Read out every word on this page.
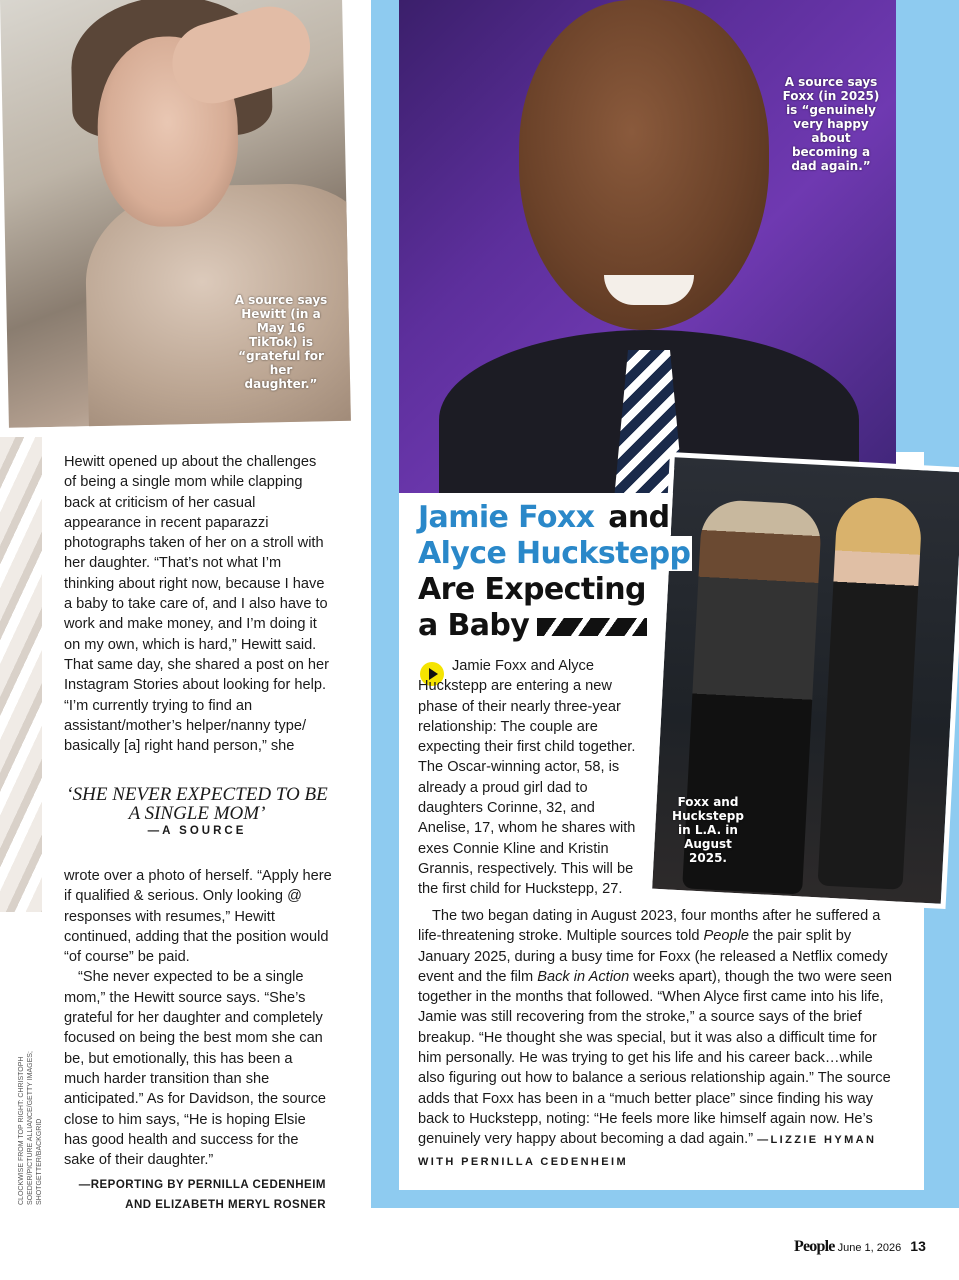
A source says Hewitt (in a May 16 TikTok) is “grateful for her daughter.”

Hewitt opened up about the challenges of being a single mom while clapping back at criticism of her casual appearance in recent paparazzi photographs taken of her on a stroll with her daughter. “That’s not what I’m thinking about right now, because I have a baby to take care of, and I also have to work and make money, and I’m doing it on my own, which is hard,” Hewitt said. That same day, she shared a post on her Instagram Stories about looking for help. “I’m currently trying to find an assistant/mother’s helper/nanny type/ basically [a] right hand person,” she

‘SHE NEVER EXPECTED TO BE A SINGLE MOM’
—A SOURCE

wrote over a photo of herself. “Apply here if qualified & serious. Only looking @ responses with resumes,” Hewitt continued, adding that the position would “of course” be paid.

“She never expected to be a single mom,” the Hewitt source says. “She’s grateful for her daughter and completely focused on being the best mom she can be, but emotionally, this has been a much harder transition than she anticipated.” As for Davidson, the source close to him says, “He is hoping Elsie has good health and success for the sake of their daughter.”

—REPORTING BY PERNILLA CEDENHEIM
AND ELIZABETH MERYL ROSNER
CLOCKWISE FROM TOP RIGHT: CHRISTOPH SOEDER/PICTURE ALLIANCE/GETTY IMAGES; SHOTGETTER/BACKGRID
A source says Foxx (in 2025) is “genuinely very happy about becoming a dad again.”
Foxx and Huckstepp in L.A. in August 2025.
Jamie Foxx and
Alyce Huckstepp
Are Expecting
a Baby

Jamie Foxx and Alyce Huckstepp are entering a new phase of their nearly three-year relationship: The couple are expecting their first child together. The Oscar-winning actor, 58, is already a proud girl dad to daughters Corinne, 32, and Anelise, 17, whom he shares with exes Connie Kline and Kristin Grannis, respectively. This will be the first child for Huckstepp, 27.

The two began dating in August 2023, four months after he suffered a life-threatening stroke. Multiple sources told People the pair split by January 2025, during a busy time for Foxx (he released a Netflix comedy event and the film Back in Action weeks apart), though the two were seen together in the months that followed. “When Alyce first came into his life, Jamie was still recovering from the stroke,” a source says of the brief breakup. “He thought she was special, but it was also a difficult time for him personally. He was trying to get his life and his career back…while also figuring out how to balance a serious relationship again.” The source adds that Foxx has been in a “much better place” since finding his way back to Huckstepp, noting: “He feels more like himself again now. He’s genuinely very happy about becoming a dad again.” —LIZZIE HYMAN WITH PERNILLA CEDENHEIM

People June 1, 2026 13
